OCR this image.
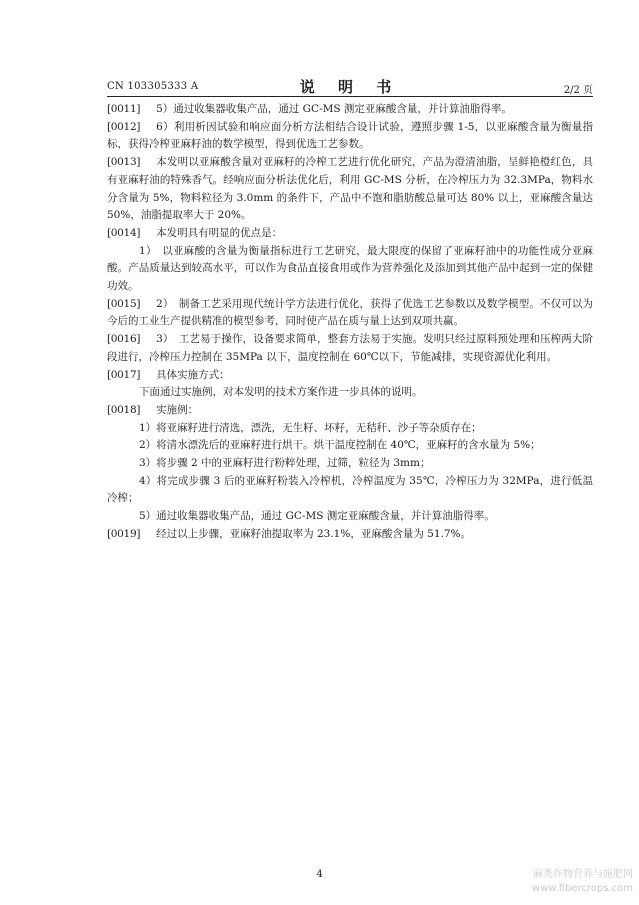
CN 103305333 A	说 明 书	2/2 页

[0011] 5）通过收集器收集产品，通过 GC-MS 测定亚麻酸含量，并计算油脂得率。

[0012] 6）利用析因试验和响应面分析方法相结合设计试验，遵照步骤 1-5，以亚麻酸含量为衡量指标，获得冷榨亚麻籽油的数学模型，得到优选工艺参数。

[0013] 本发明以亚麻酸含量对亚麻籽的冷榨工艺进行优化研究，产品为澄清油脂，呈鲜艳橙红色，具有亚麻籽油的特殊香气。经响应面分析法优化后，利用 GC-MS 分析，在冷榨压力为 32.3MPa，物料水分含量为 5%，物料粒径为 3.0mm 的条件下，产品中不饱和脂肪酸总量可达 80% 以上，亚麻酸含量达 50%，油脂提取率大于 20%。

[0014] 本发明具有明显的优点是：

1）　以亚麻酸的含量为衡量指标进行工艺研究，最大限度的保留了亚麻籽油中的功能性成分亚麻酸。产品质量达到较高水平，可以作为食品直接食用或作为营养强化及添加到其他产品中起到一定的保健功效。

[0015] 2）　制备工艺采用现代统计学方法进行优化，获得了优选工艺参数以及数学模型。不仅可以为今后的工业生产提供精准的模型参考，同时使产品在质与量上达到双项共赢。

[0016] 3）　工艺易于操作，设备要求简单，整套方法易于实施。发明只经过原料预处理和压榨两大阶段进行，冷榨压力控制在 35MPa 以下，温度控制在 60℃以下，节能减排，实现资源优化利用。

[0017] 具体实施方式：

下面通过实施例，对本发明的技术方案作进一步具体的说明。

[0018] 实施例：

1）将亚麻籽进行清选，漂洗，无生籽、坏籽，无秸秆、沙子等杂质存在；

2）将清水漂洗后的亚麻籽进行烘干。烘干温度控制在 40℃，亚麻籽的含水量为 5%；

3）将步骤 2 中的亚麻籽进行粉粹处理，过筛，粒径为 3mm；

4）将完成步骤 3 后的亚麻籽粉装入冷榨机，冷榨温度为 35℃，冷榨压力为 32MPa，进行低温冷榨；

5）通过收集器收集产品，通过 GC-MS 测定亚麻酸含量，并计算油脂得率。

[0019] 经过以上步骤，亚麻籽油提取率为 23.1%，亚麻酸含量为 51.7%。

4	麻类作物营养与施肥网
www.fibercrops.com
